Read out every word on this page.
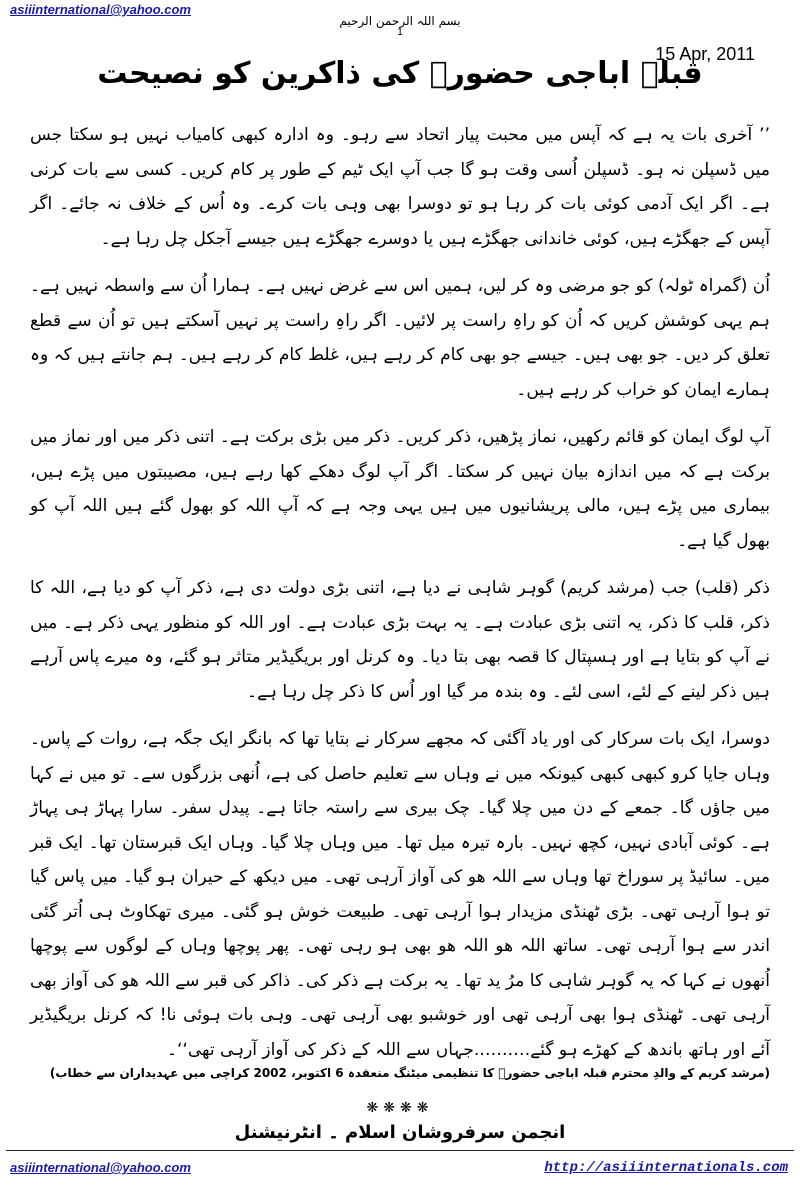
asiiinternational@yahoo.com
بسم اللہ الرحمن الرحیم
1
15 Apr, 2011
قبلہ اباجی حضورؒ کی ذاکرین کو نصیحت

’’ آخری بات یہ ہے کہ آپس میں محبت پیار اتحاد سے رہو۔ وہ ادارہ کبھی کامیاب نہیں ہو سکتا جس میں ڈسپلن نہ ہو۔ ڈسپلن اُسی وقت ہو گا جب آپ ایک ٹیم کے طور پر کام کریں۔ کسی سے بات کرنی ہے۔ اگر ایک آدمی کوئی بات کر رہا ہو تو دوسرا بھی وہی بات کرے۔ وہ اُس کے خلاف نہ جائے۔ اگر آپس کے جھگڑے ہیں، کوئی خاندانی جھگڑے ہیں یا دوسرے جھگڑے ہیں جیسے آجکل چل رہا ہے۔

اُن (گمراہ ٹولہ) کو جو مرضی وہ کر لیں، ہمیں اس سے غرض نہیں ہے۔ ہمارا اُن سے واسطہ نہیں ہے۔ ہم یہی کوشش کریں کہ اُن کو راہِ راست پر لائیں۔ اگر راہِ راست پر نہیں آسکتے ہیں تو اُن سے قطع تعلق کر دیں۔ جو بھی ہیں۔ جیسے جو بھی کام کر رہے ہیں، غلط کام کر رہے ہیں۔ ہم جانتے ہیں کہ وہ ہمارے ایمان کو خراب کر رہے ہیں۔

آپ لوگ ایمان کو قائم رکھیں، نماز پڑھیں، ذکر کریں۔ ذکر میں بڑی برکت ہے۔ اتنی ذکر میں اور نماز میں برکت ہے کہ میں اندازہ بیان نہیں کر سکتا۔ اگر آپ لوگ دھکے کھا رہے ہیں، مصیبتوں میں پڑے ہیں، بیماری میں پڑے ہیں، مالی پریشانیوں میں ہیں یہی وجہ ہے کہ آپ اللہ کو بھول گئے ہیں اللہ آپ کو بھول گیا ہے۔

ذکر (قلب) جب (مرشد کریم) گوہر شاہی نے دیا ہے، اتنی بڑی دولت دی ہے، ذکر آپ کو دیا ہے، اللہ کا ذکر، قلب کا ذکر، یہ اتنی بڑی عبادت ہے۔ یہ بہت بڑی عبادت ہے۔ اور اللہ کو منظور یہی ذکر ہے۔ میں نے آپ کو بتایا ہے اور ہسپتال کا قصہ بھی بتا دیا۔ وہ کرنل اور بریگیڈیر متاثر ہو گئے، وہ میرے پاس آرہے ہیں ذکر لینے کے لئے، اسی لئے۔ وہ بندہ مر گیا اور اُس کا ذکر چل رہا ہے۔

دوسرا، ایک بات سرکار کی اور یاد آگئی کہ مجھے سرکار نے بتایا تھا کہ بانگر ایک جگہ ہے، روات کے پاس۔ وہاں جایا کرو کبھی کبھی کیونکہ میں نے وہاں سے تعلیم حاصل کی ہے، اُنھی بزرگوں سے۔ تو میں نے کہا میں جاؤں گا۔ جمعے کے دن میں چلا گیا۔ چک بیری سے راستہ جاتا ہے۔ پیدل سفر۔ سارا پہاڑ ہی پہاڑ ہے۔ کوئی آبادی نہیں، کچھ نہیں۔ بارہ تیرہ میل تھا۔ میں وہاں چلا گیا۔ وہاں ایک قبرستان تھا۔ ایک قبر میں۔ سائیڈ پر سوراخ تھا وہاں سے اللہ ھو کی آواز آرہی تھی۔ میں دیکھ کے حیران ہو گیا۔ میں پاس گیا تو ہوا آرہی تھی۔ بڑی ٹھنڈی مزیدار ہوا آرہی تھی۔ طبیعت خوش ہو گئی۔ میری تھکاوٹ ہی اُتر گئی اندر سے ہوا آرہی تھی۔ ساتھ اللہ ھو اللہ ھو بھی ہو رہی تھی۔ پھر پوچھا وہاں کے لوگوں سے پوچھا اُنھوں نے کہا کہ یہ گوہر شاہی کا مرُ ید تھا۔ یہ برکت ہے ذکر کی۔ ذاکر کی قبر سے اللہ ھو کی آواز بھی آرہی تھی۔ ٹھنڈی ہوا بھی آرہی تھی اور خوشبو بھی آرہی تھی۔ وہی بات ہوئی نا! کہ کرنل بریگیڈیر آئے اور ہاتھ باندھ کے کھڑے ہو گئے……….جہاں سے اللہ کے ذکر کی آواز آرہی تھی‘‘۔

(مرشد کریم کے والدِ محترم قبلہ اباجی حضورؒ کا تنظیمی میٹنگ منعقدہ 6 اکتوبر، 2002 کراچی میں عہدیداران سے خطاب)
❋❋❋❋
انجمن سرفروشان اسلام ۔ انٹرنیشنل
asiiinternational@yahoo.com	http://asiiinternationals.com
